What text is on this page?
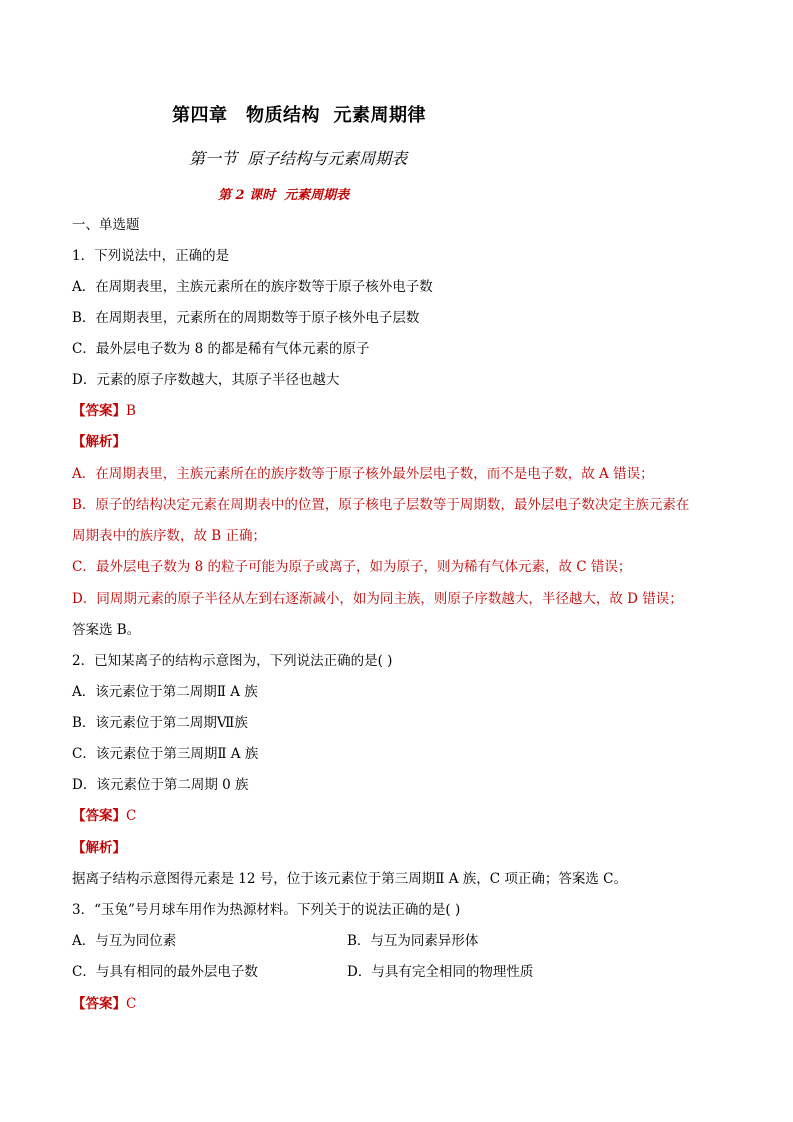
第四章　物质结构  元素周期律
第一节  原子结构与元素周期表
第 2 课时  元素周期表
一、单选题
1．下列说法中，正确的是
A．在周期表里，主族元素所在的族序数等于原子核外电子数
B．在周期表里，元素所在的周期数等于原子核外电子层数
C．最外层电子数为 8 的都是稀有气体元素的原子
D．元素的原子序数越大，其原子半径也越大
【答案】B
【解析】
A．在周期表里，主族元素所在的族序数等于原子核外最外层电子数，而不是电子数，故 A 错误；
B．原子的结构决定元素在周期表中的位置，原子核电子层数等于周期数，最外层电子数决定主族元素在
周期表中的族序数，故 B 正确；
C．最外层电子数为 8 的粒子可能为原子或离子，如为原子，则为稀有气体元素，故 C 错误；
D．同周期元素的原子半径从左到右逐渐减小，如为同主族，则原子序数越大，半径越大，故 D 错误；
答案选 B。
2．已知某离子的结构示意图为，下列说法正确的是( )
A．该元素位于第二周期Ⅱ A 族
B．该元素位于第二周期Ⅶ族
C．该元素位于第三周期Ⅱ A 族
D．该元素位于第二周期 0 族
【答案】C
【解析】
据离子结构示意图得元素是 12 号，位于该元素位于第三周期Ⅱ A 族，C 项正确；答案选 C。
3．“玉兔”号月球车用作为热源材料。下列关于的说法正确的是( )
A．与互为同位素	B．与互为同素异形体
C．与具有相同的最外层电子数	D．与具有完全相同的物理性质
【答案】C
